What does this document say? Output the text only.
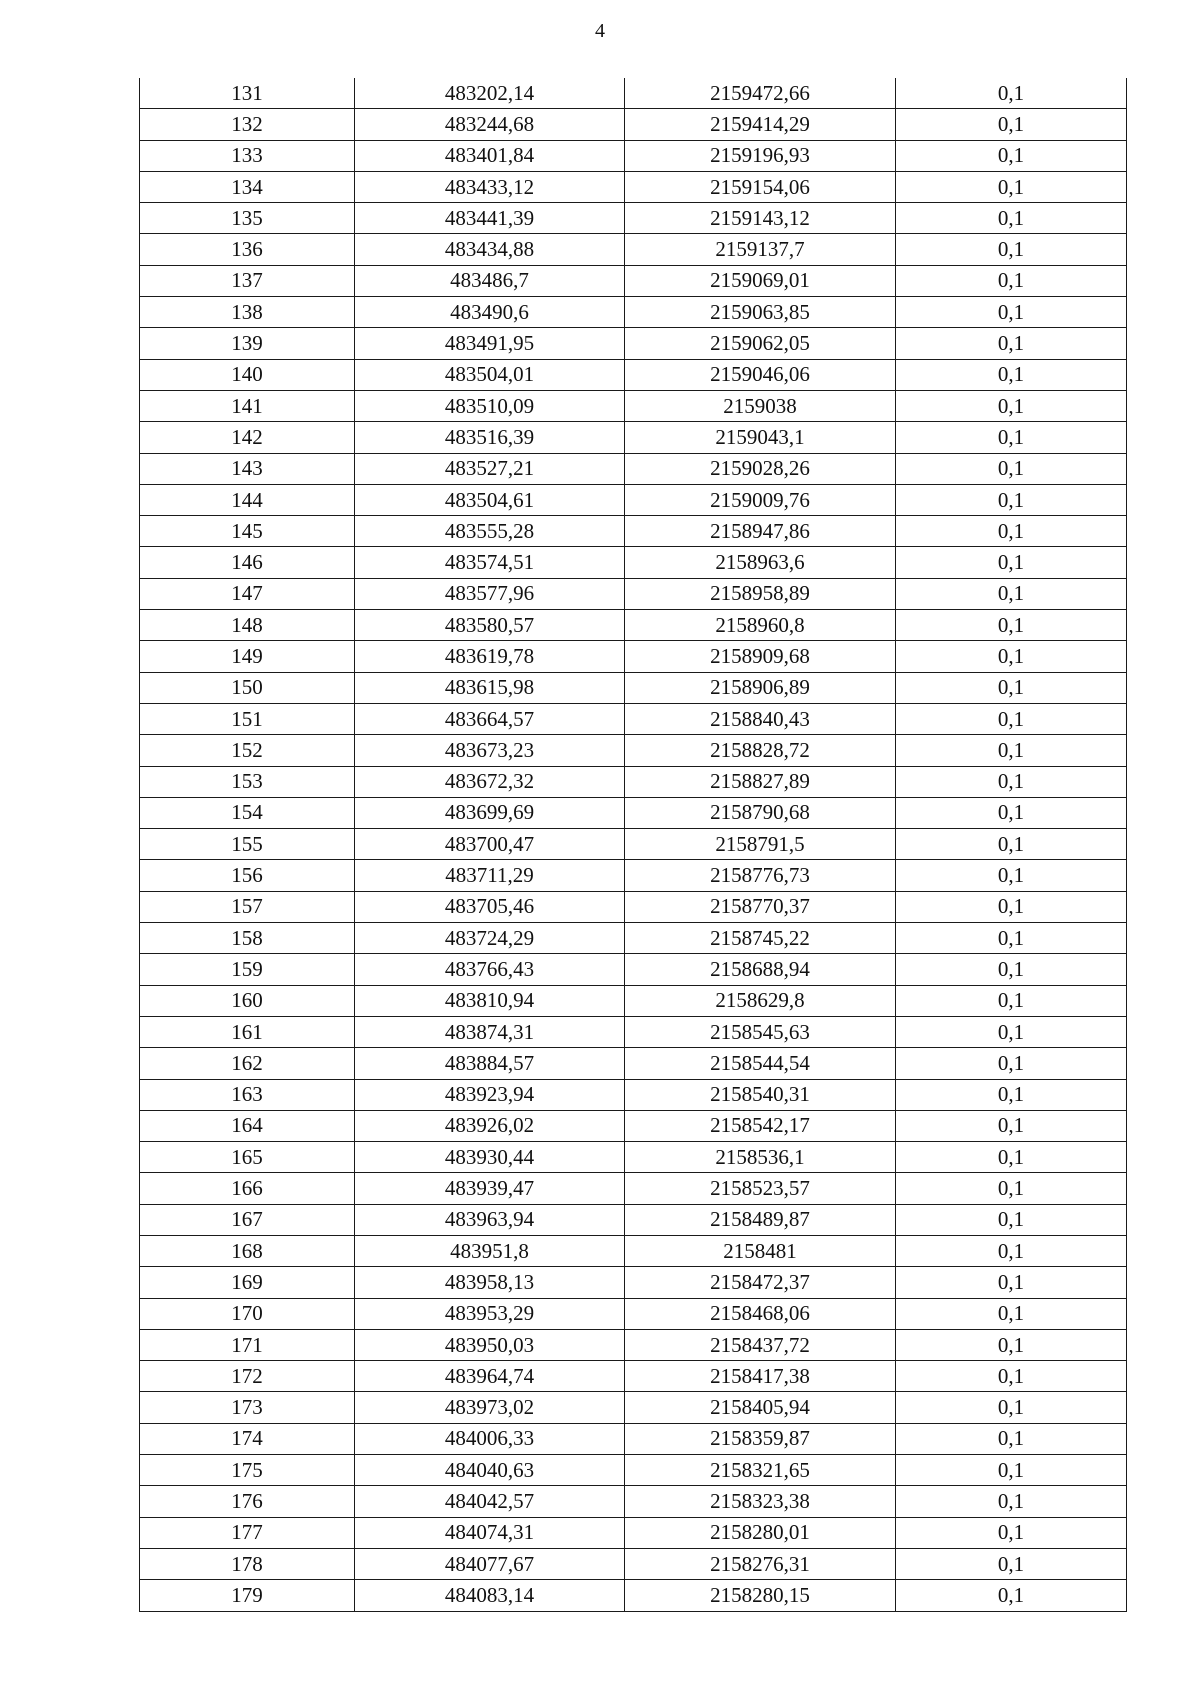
4
131	483202,14	2159472,66	0,1
132	483244,68	2159414,29	0,1
133	483401,84	2159196,93	0,1
134	483433,12	2159154,06	0,1
135	483441,39	2159143,12	0,1
136	483434,88	2159137,7	0,1
137	483486,7	2159069,01	0,1
138	483490,6	2159063,85	0,1
139	483491,95	2159062,05	0,1
140	483504,01	2159046,06	0,1
141	483510,09	2159038	0,1
142	483516,39	2159043,1	0,1
143	483527,21	2159028,26	0,1
144	483504,61	2159009,76	0,1
145	483555,28	2158947,86	0,1
146	483574,51	2158963,6	0,1
147	483577,96	2158958,89	0,1
148	483580,57	2158960,8	0,1
149	483619,78	2158909,68	0,1
150	483615,98	2158906,89	0,1
151	483664,57	2158840,43	0,1
152	483673,23	2158828,72	0,1
153	483672,32	2158827,89	0,1
154	483699,69	2158790,68	0,1
155	483700,47	2158791,5	0,1
156	483711,29	2158776,73	0,1
157	483705,46	2158770,37	0,1
158	483724,29	2158745,22	0,1
159	483766,43	2158688,94	0,1
160	483810,94	2158629,8	0,1
161	483874,31	2158545,63	0,1
162	483884,57	2158544,54	0,1
163	483923,94	2158540,31	0,1
164	483926,02	2158542,17	0,1
165	483930,44	2158536,1	0,1
166	483939,47	2158523,57	0,1
167	483963,94	2158489,87	0,1
168	483951,8	2158481	0,1
169	483958,13	2158472,37	0,1
170	483953,29	2158468,06	0,1
171	483950,03	2158437,72	0,1
172	483964,74	2158417,38	0,1
173	483973,02	2158405,94	0,1
174	484006,33	2158359,87	0,1
175	484040,63	2158321,65	0,1
176	484042,57	2158323,38	0,1
177	484074,31	2158280,01	0,1
178	484077,67	2158276,31	0,1
179	484083,14	2158280,15	0,1
